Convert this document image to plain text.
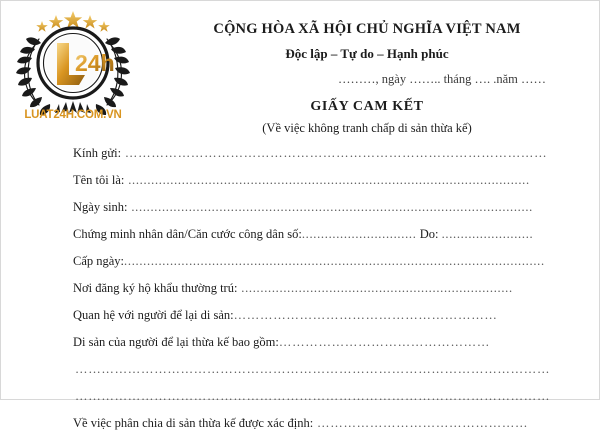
24h
LUAT24H.COM.VN
CỘNG HÒA XÃ HỘI CHỦ NGHĨA VIỆT NAM
Độc lập – Tự do – Hạnh phúc
………, ngày …….. tháng …. .năm ……
GIẤY CAM KẾT
(Về việc không tranh chấp di sản thừa kế)
Kính gửi: ……………………………………………………………………………………
Tên tôi là: .........................................................................................................
Ngày sinh: .........................................................................................................
Chứng minh nhân dân/Căn cước công dân số:.............................. Do: ........................
Cấp ngày:..............................................................................................................
Nơi đăng ký hộ khẩu thường trú: .......................................................................
Quan hệ với người để lại di sản:……………………………………………………
Di sản của người để lại thừa kế bao gồm:…………………………………………
………………………………………………………………………………………………
………………………………………………………………………………………………
Về việc phân chia di sản thừa kế được xác định: …………………………………………
